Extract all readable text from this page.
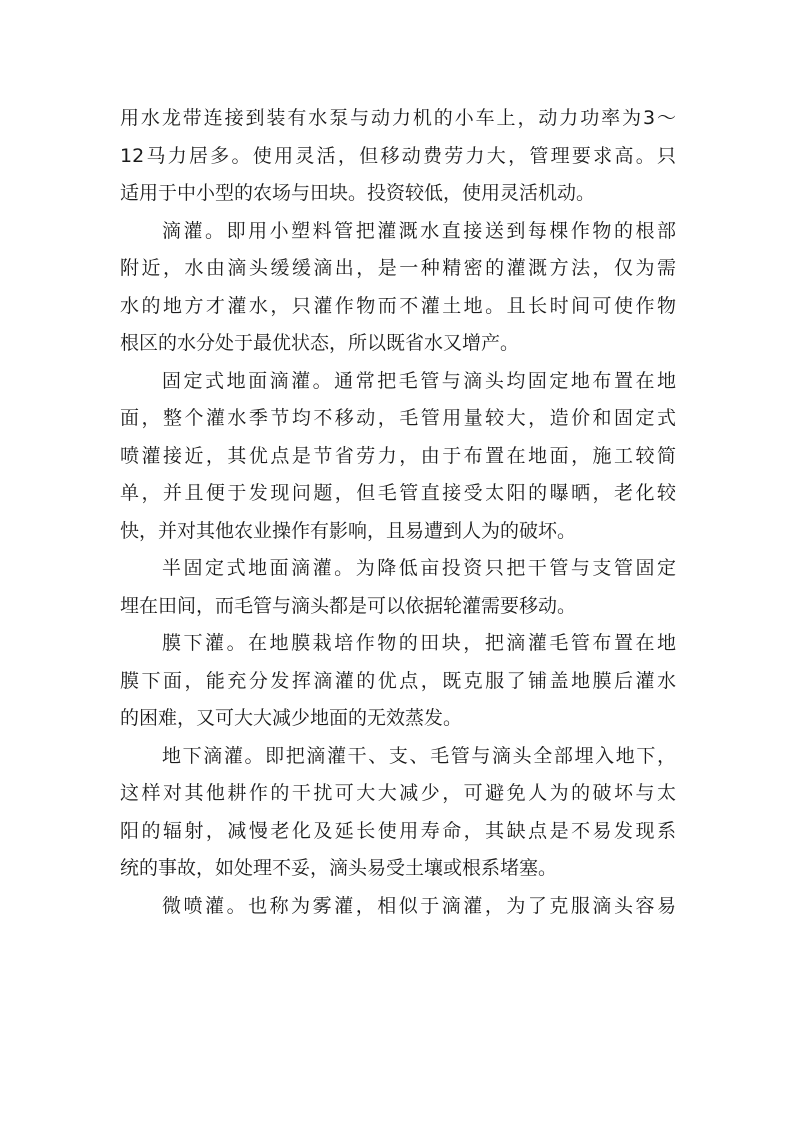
用水龙带连接到装有水泵与动力机的小车上，动力功率为3～
12马力居多。使用灵活，但移动费劳力大，管理要求高。只
适用于中小型的农场与田块。投资较低，使用灵活机动。
滴灌。即用小塑料管把灌溉水直接送到每棵作物的根部
附近，水由滴头缓缓滴出，是一种精密的灌溉方法，仅为需
水的地方才灌水，只灌作物而不灌土地。且长时间可使作物
根区的水分处于最优状态，所以既省水又增产。
固定式地面滴灌。通常把毛管与滴头均固定地布置在地
面，整个灌水季节均不移动，毛管用量较大，造价和固定式
喷灌接近，其优点是节省劳力，由于布置在地面，施工较简
单，并且便于发现问题，但毛管直接受太阳的曝晒，老化较
快，并对其他农业操作有影响，且易遭到人为的破坏。
半固定式地面滴灌。为降低亩投资只把干管与支管固定
埋在田间，而毛管与滴头都是可以依据轮灌需要移动。
膜下灌。在地膜栽培作物的田块，把滴灌毛管布置在地
膜下面，能充分发挥滴灌的优点，既克服了铺盖地膜后灌水
的困难，又可大大减少地面的无效蒸发。
地下滴灌。即把滴灌干、支、毛管与滴头全部埋入地下，
这样对其他耕作的干扰可大大减少，可避免人为的破坏与太
阳的辐射，减慢老化及延长使用寿命，其缺点是不易发现系
统的事故，如处理不妥，滴头易受土壤或根系堵塞。
微喷灌。也称为雾灌，相似于滴灌，为了克服滴头容易
